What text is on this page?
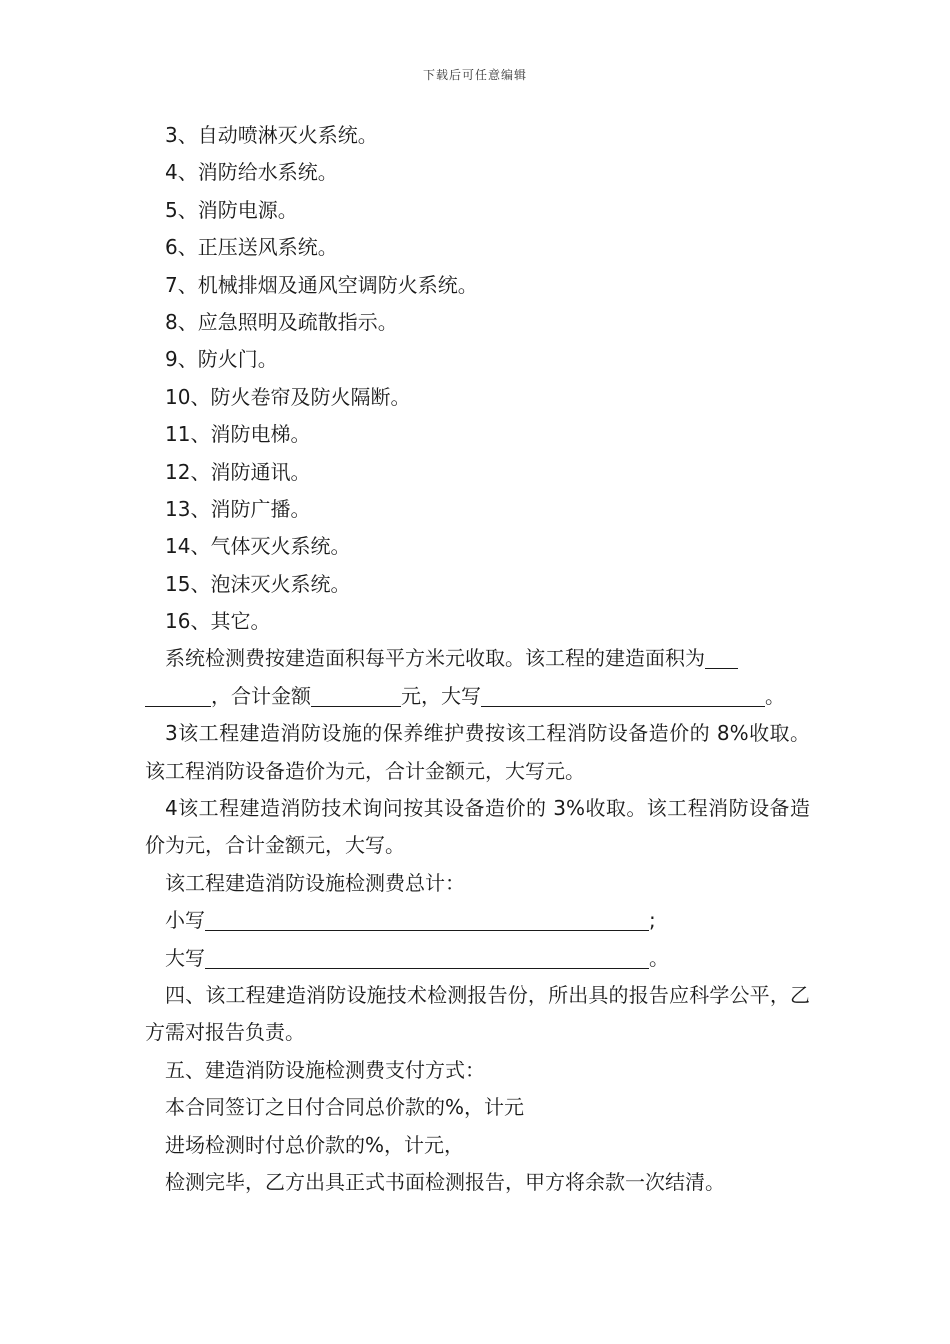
下载后可任意编辑
3、自动喷淋灭火系统。
4、消防给水系统。
5、消防电源。
6、正压送风系统。
7、机械排烟及通风空调防火系统。
8、应急照明及疏散指示。
9、防火门。
10、防火卷帘及防火隔断。
11、消防电梯。
12、消防通讯。
13、消防广播。
14、气体灭火系统。
15、泡沫灭火系统。
16、其它。
系统检测费按建造面积每平方米元收取。该工程的建造面积为
，合计金额	元，大写	。
3该工程建造消防设施的保养维护费按该工程消防设备造价的 8%收取。该工程消防设备造价为元，合计金额元，大写元。
4该工程建造消防技术询问按其设备造价的 3%收取。该工程消防设备造价为元，合计金额元，大写。
该工程建造消防设施检测费总计：
小写	;
大写	。
四、该工程建造消防设施技术检测报告份，所出具的报告应科学公平，乙方需对报告负责。
五、建造消防设施检测费支付方式：
本合同签订之日付合同总价款的%，计元
进场检测时付总价款的%，计元，
检测完毕，乙方出具正式书面检测报告，甲方将余款一次结清。
